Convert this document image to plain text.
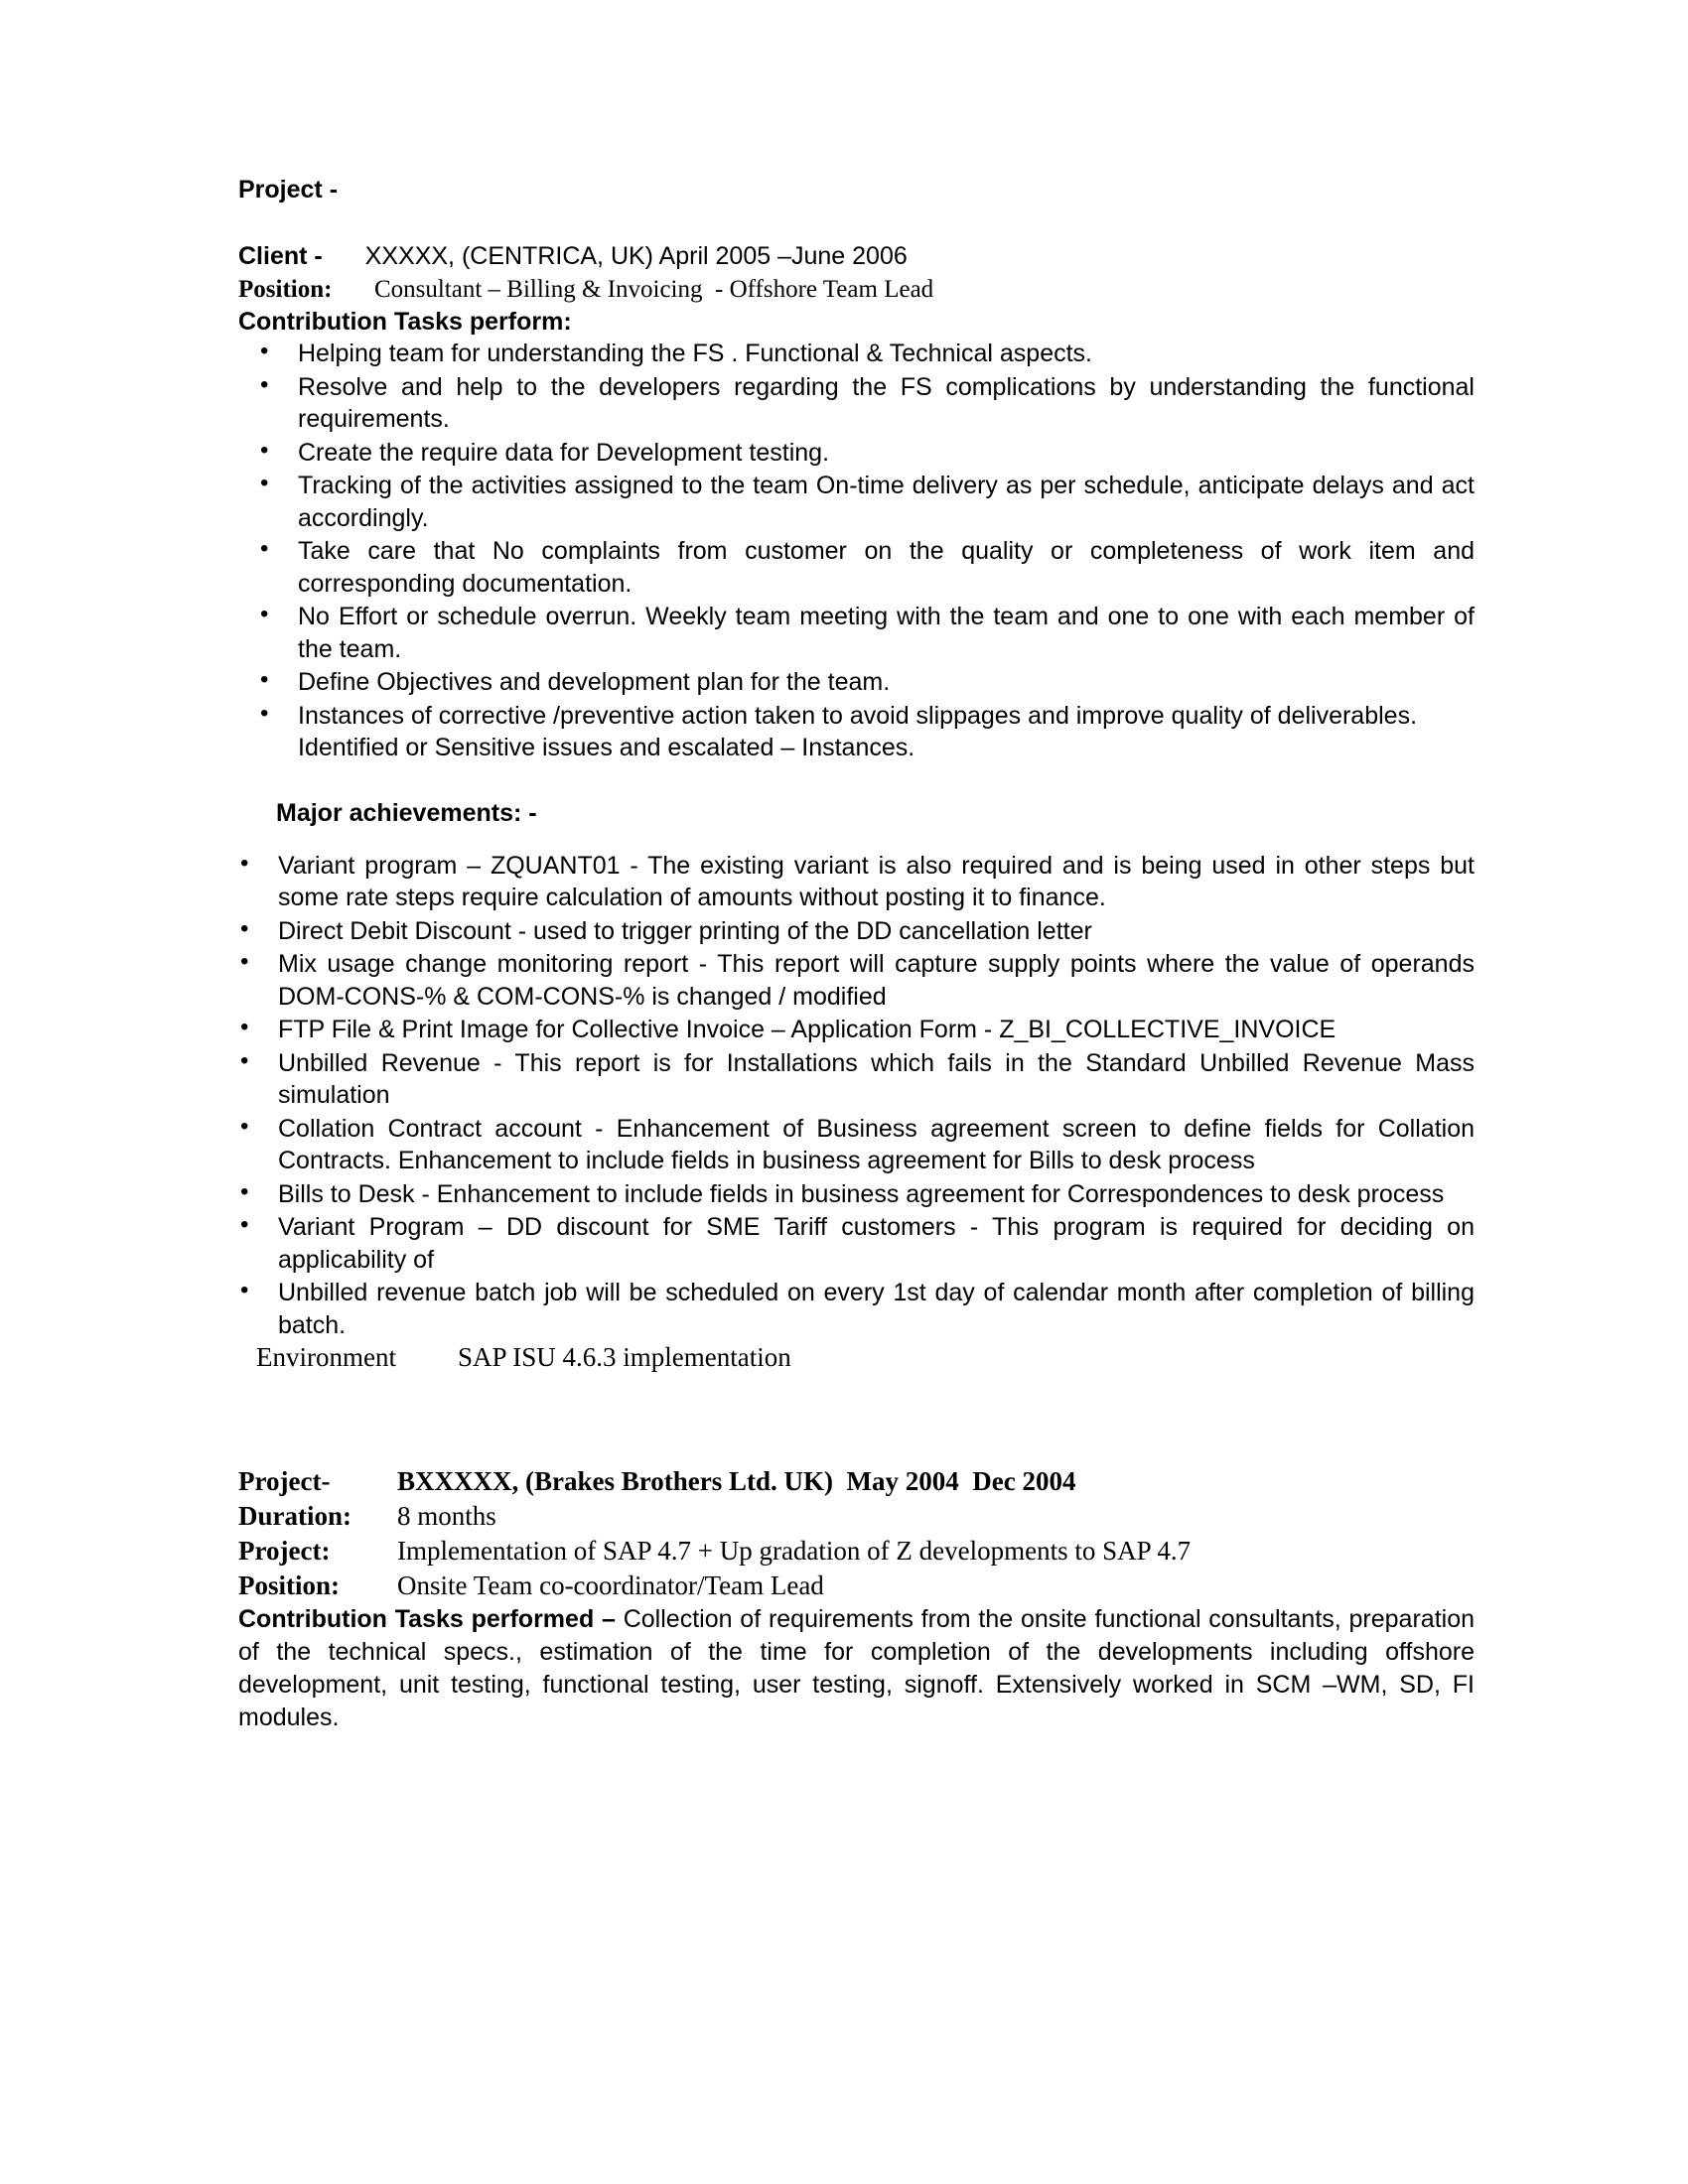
Project -
Client - XXXXX, (CENTRICA, UK) April 2005 –June 2006
Position: Consultant – Billing & Invoicing  - Offshore Team Lead
Contribution Tasks perform:
• Helping team for understanding the FS . Functional & Technical aspects.
• Resolve and help to the developers regarding the FS complications by understanding the functional requirements.
• Create the require data for Development testing.
• Tracking of the activities assigned to the team On-time delivery as per schedule, anticipate delays and act accordingly.
• Take care that No complaints from customer on the quality or completeness of work item and corresponding documentation.
• No Effort or schedule overrun. Weekly team meeting with the team and one to one with each member of the team.
• Define Objectives and development plan for the team.
• Instances of corrective /preventive action taken to avoid slippages and improve quality of deliverables.
Identified or Sensitive issues and escalated – Instances.
Major achievements: -
• Variant program – ZQUANT01 - The existing variant is also required and is being used in other steps but some rate steps require calculation of amounts without posting it to finance.
• Direct Debit Discount - used to trigger printing of the DD cancellation letter
• Mix usage change monitoring report - This report will capture supply points where the value of operands DOM-CONS-% & COM-CONS-% is changed / modified
• FTP File & Print Image for Collective Invoice – Application Form - Z_BI_COLLECTIVE_INVOICE
• Unbilled Revenue - This report is for Installations which fails in the Standard Unbilled Revenue Mass simulation
• Collation Contract account - Enhancement of Business agreement screen to define fields for Collation Contracts. Enhancement to include fields in business agreement for Bills to desk process
• Bills to Desk - Enhancement to include fields in business agreement for Correspondences to desk process
• Variant Program – DD discount for SME Tariff customers - This program is required for deciding on applicability of
• Unbilled revenue batch job will be scheduled on every 1st day of calendar month after completion of billing batch.
Environment SAP ISU 4.6.3 implementation
Project-	BXXXXX, (Brakes Brothers Ltd. UK)  May 2004  Dec 2004
Duration:	8 months
Project:	Implementation of SAP 4.7 + Up gradation of Z developments to SAP 4.7
Position:	Onsite Team co-coordinator/Team Lead
Contribution Tasks performed – Collection of requirements from the onsite functional consultants, preparation of the technical specs., estimation of the time for completion of the developments including offshore development, unit testing, functional testing, user testing, signoff. Extensively worked in SCM –WM, SD, FI modules.
